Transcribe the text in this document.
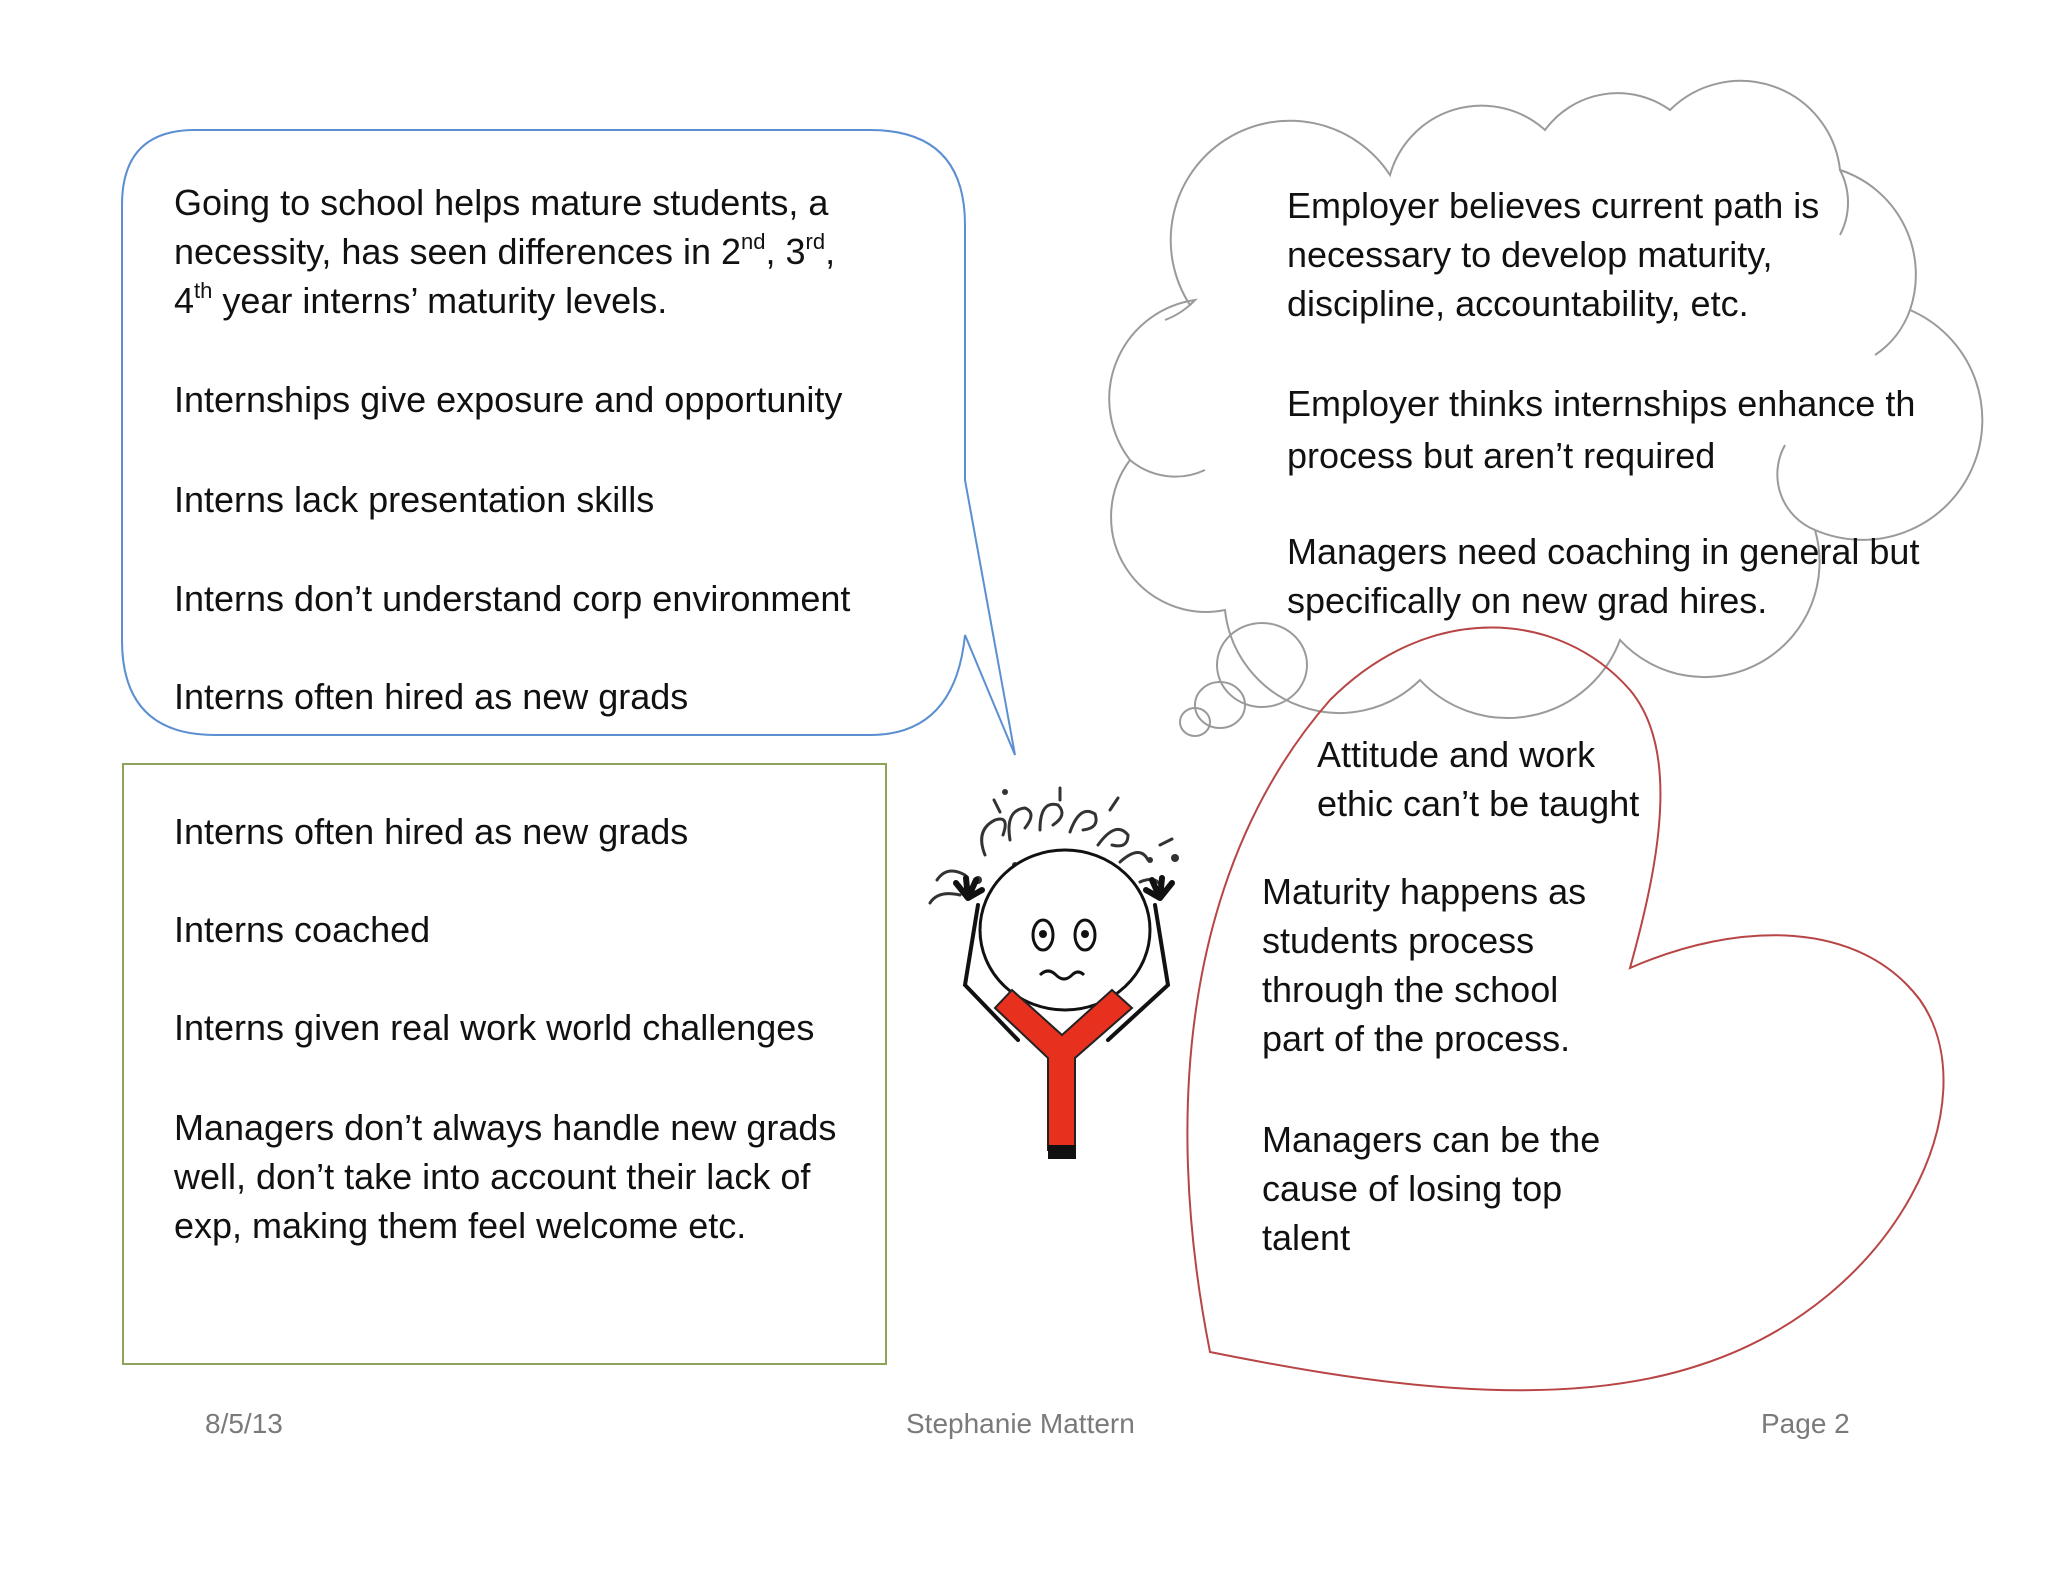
Going to school helps mature students, a

necessity, has seen differences in 2nd, 3rd,

4th year interns’ maturity levels.

Internships give exposure and opportunity
Interns lack presentation skills
Interns don’t understand corp environment
Interns often hired as new grads
Interns often hired as new grads
Interns coached
Interns given real work world challenges

Managers don’t always handle new grads

well, don’t take into account their lack of

exp, making them feel welcome etc.

Employer believes current path is

necessary to develop maturity,

discipline, accountability, etc.

Employer thinks internships enhance th

process but aren’t required

Managers need coaching in general but

specifically on new grad hires.

Attitude and work

ethic can’t be taught

Maturity happens as

students process

through the school

part of the process.

Managers can be the

cause of losing top

talent

8/5/13	Stephanie Mattern	Page 2
